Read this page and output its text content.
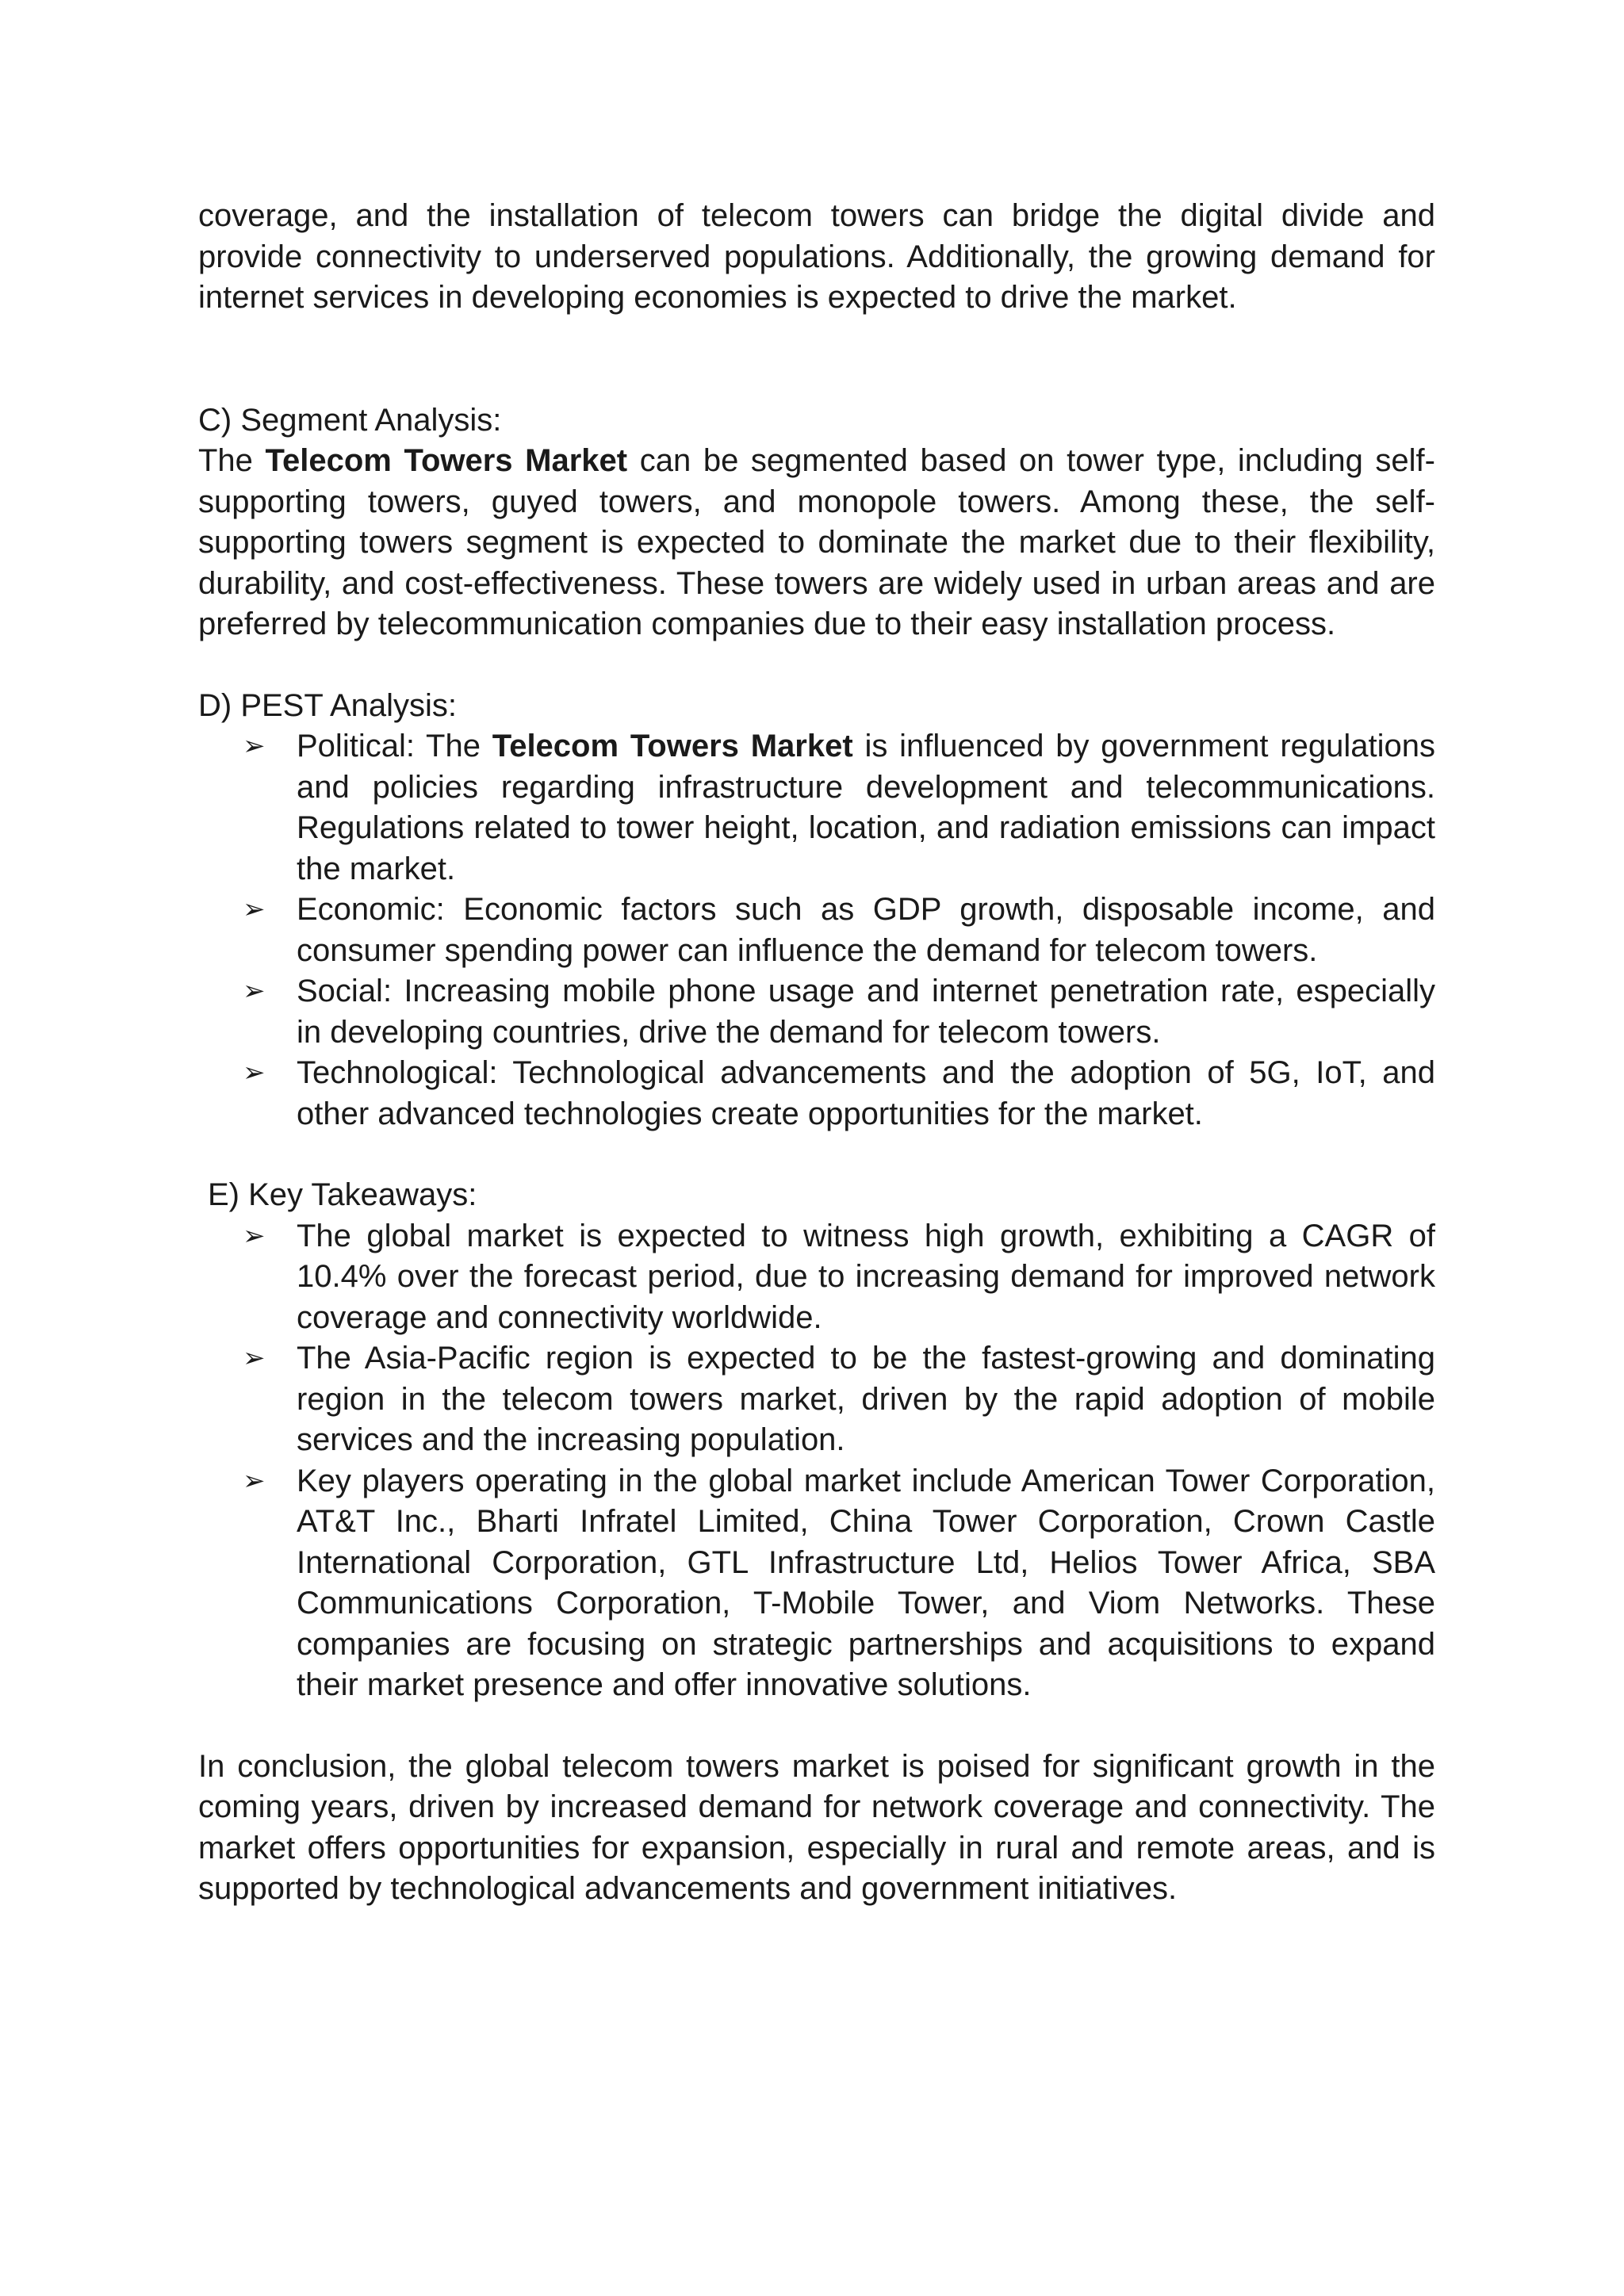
coverage, and the installation of telecom towers can bridge the digital divide and provide connectivity to underserved populations. Additionally, the growing demand for internet services in developing economies is expected to drive the market.

C) Segment Analysis:

The Telecom Towers Market can be segmented based on tower type, including self-supporting towers, guyed towers, and monopole towers. Among these, the self-supporting towers segment is expected to dominate the market due to their flexibility, durability, and cost-effectiveness. These towers are widely used in urban areas and are preferred by telecommunication companies due to their easy installation process.

D) PEST Analysis:

➢ Political: The Telecom Towers Market is influenced by government regulations and policies regarding infrastructure development and telecommunications. Regulations related to tower height, location, and radiation emissions can impact the market.
➢ Economic: Economic factors such as GDP growth, disposable income, and consumer spending power can influence the demand for telecom towers.
➢ Social: Increasing mobile phone usage and internet penetration rate, especially in developing countries, drive the demand for telecom towers.
➢ Technological: Technological advancements and the adoption of 5G, IoT, and other advanced technologies create opportunities for the market.

E) Key Takeaways:

➢ The global market is expected to witness high growth, exhibiting a CAGR of 10.4% over the forecast period, due to increasing demand for improved network coverage and connectivity worldwide.
➢ The Asia-Pacific region is expected to be the fastest-growing and dominating region in the telecom towers market, driven by the rapid adoption of mobile services and the increasing population.
➢ Key players operating in the global market include American Tower Corporation, AT&T Inc., Bharti Infratel Limited, China Tower Corporation, Crown Castle International Corporation, GTL Infrastructure Ltd, Helios Tower Africa, SBA Communications Corporation, T-Mobile Tower, and Viom Networks. These companies are focusing on strategic partnerships and acquisitions to expand their market presence and offer innovative solutions.

In conclusion, the global telecom towers market is poised for significant growth in the coming years, driven by increased demand for network coverage and connectivity. The market offers opportunities for expansion, especially in rural and remote areas, and is supported by technological advancements and government initiatives.
